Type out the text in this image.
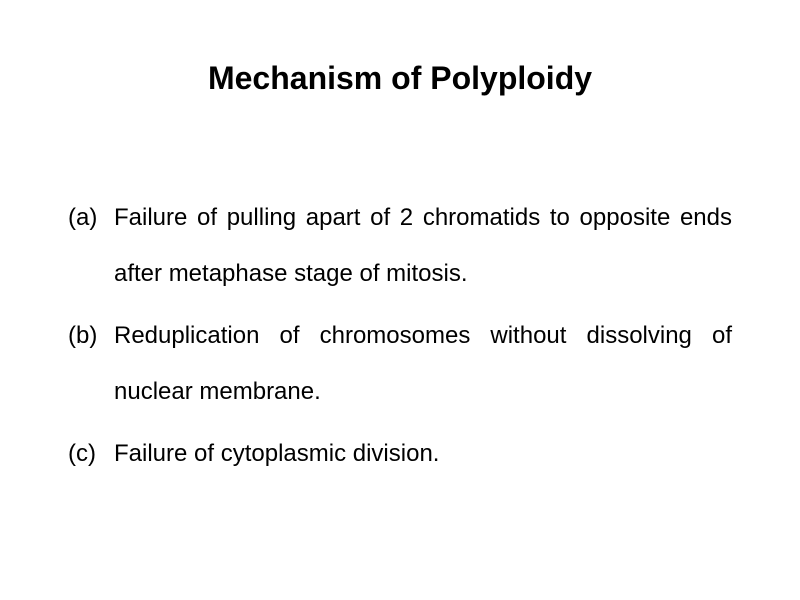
Mechanism of Polyploidy
(a) Failure of pulling apart of 2 chromatids to opposite ends after metaphase stage of mitosis.
(b) Reduplication of chromosomes without dissolving of nuclear membrane.
(c) Failure of cytoplasmic division.
